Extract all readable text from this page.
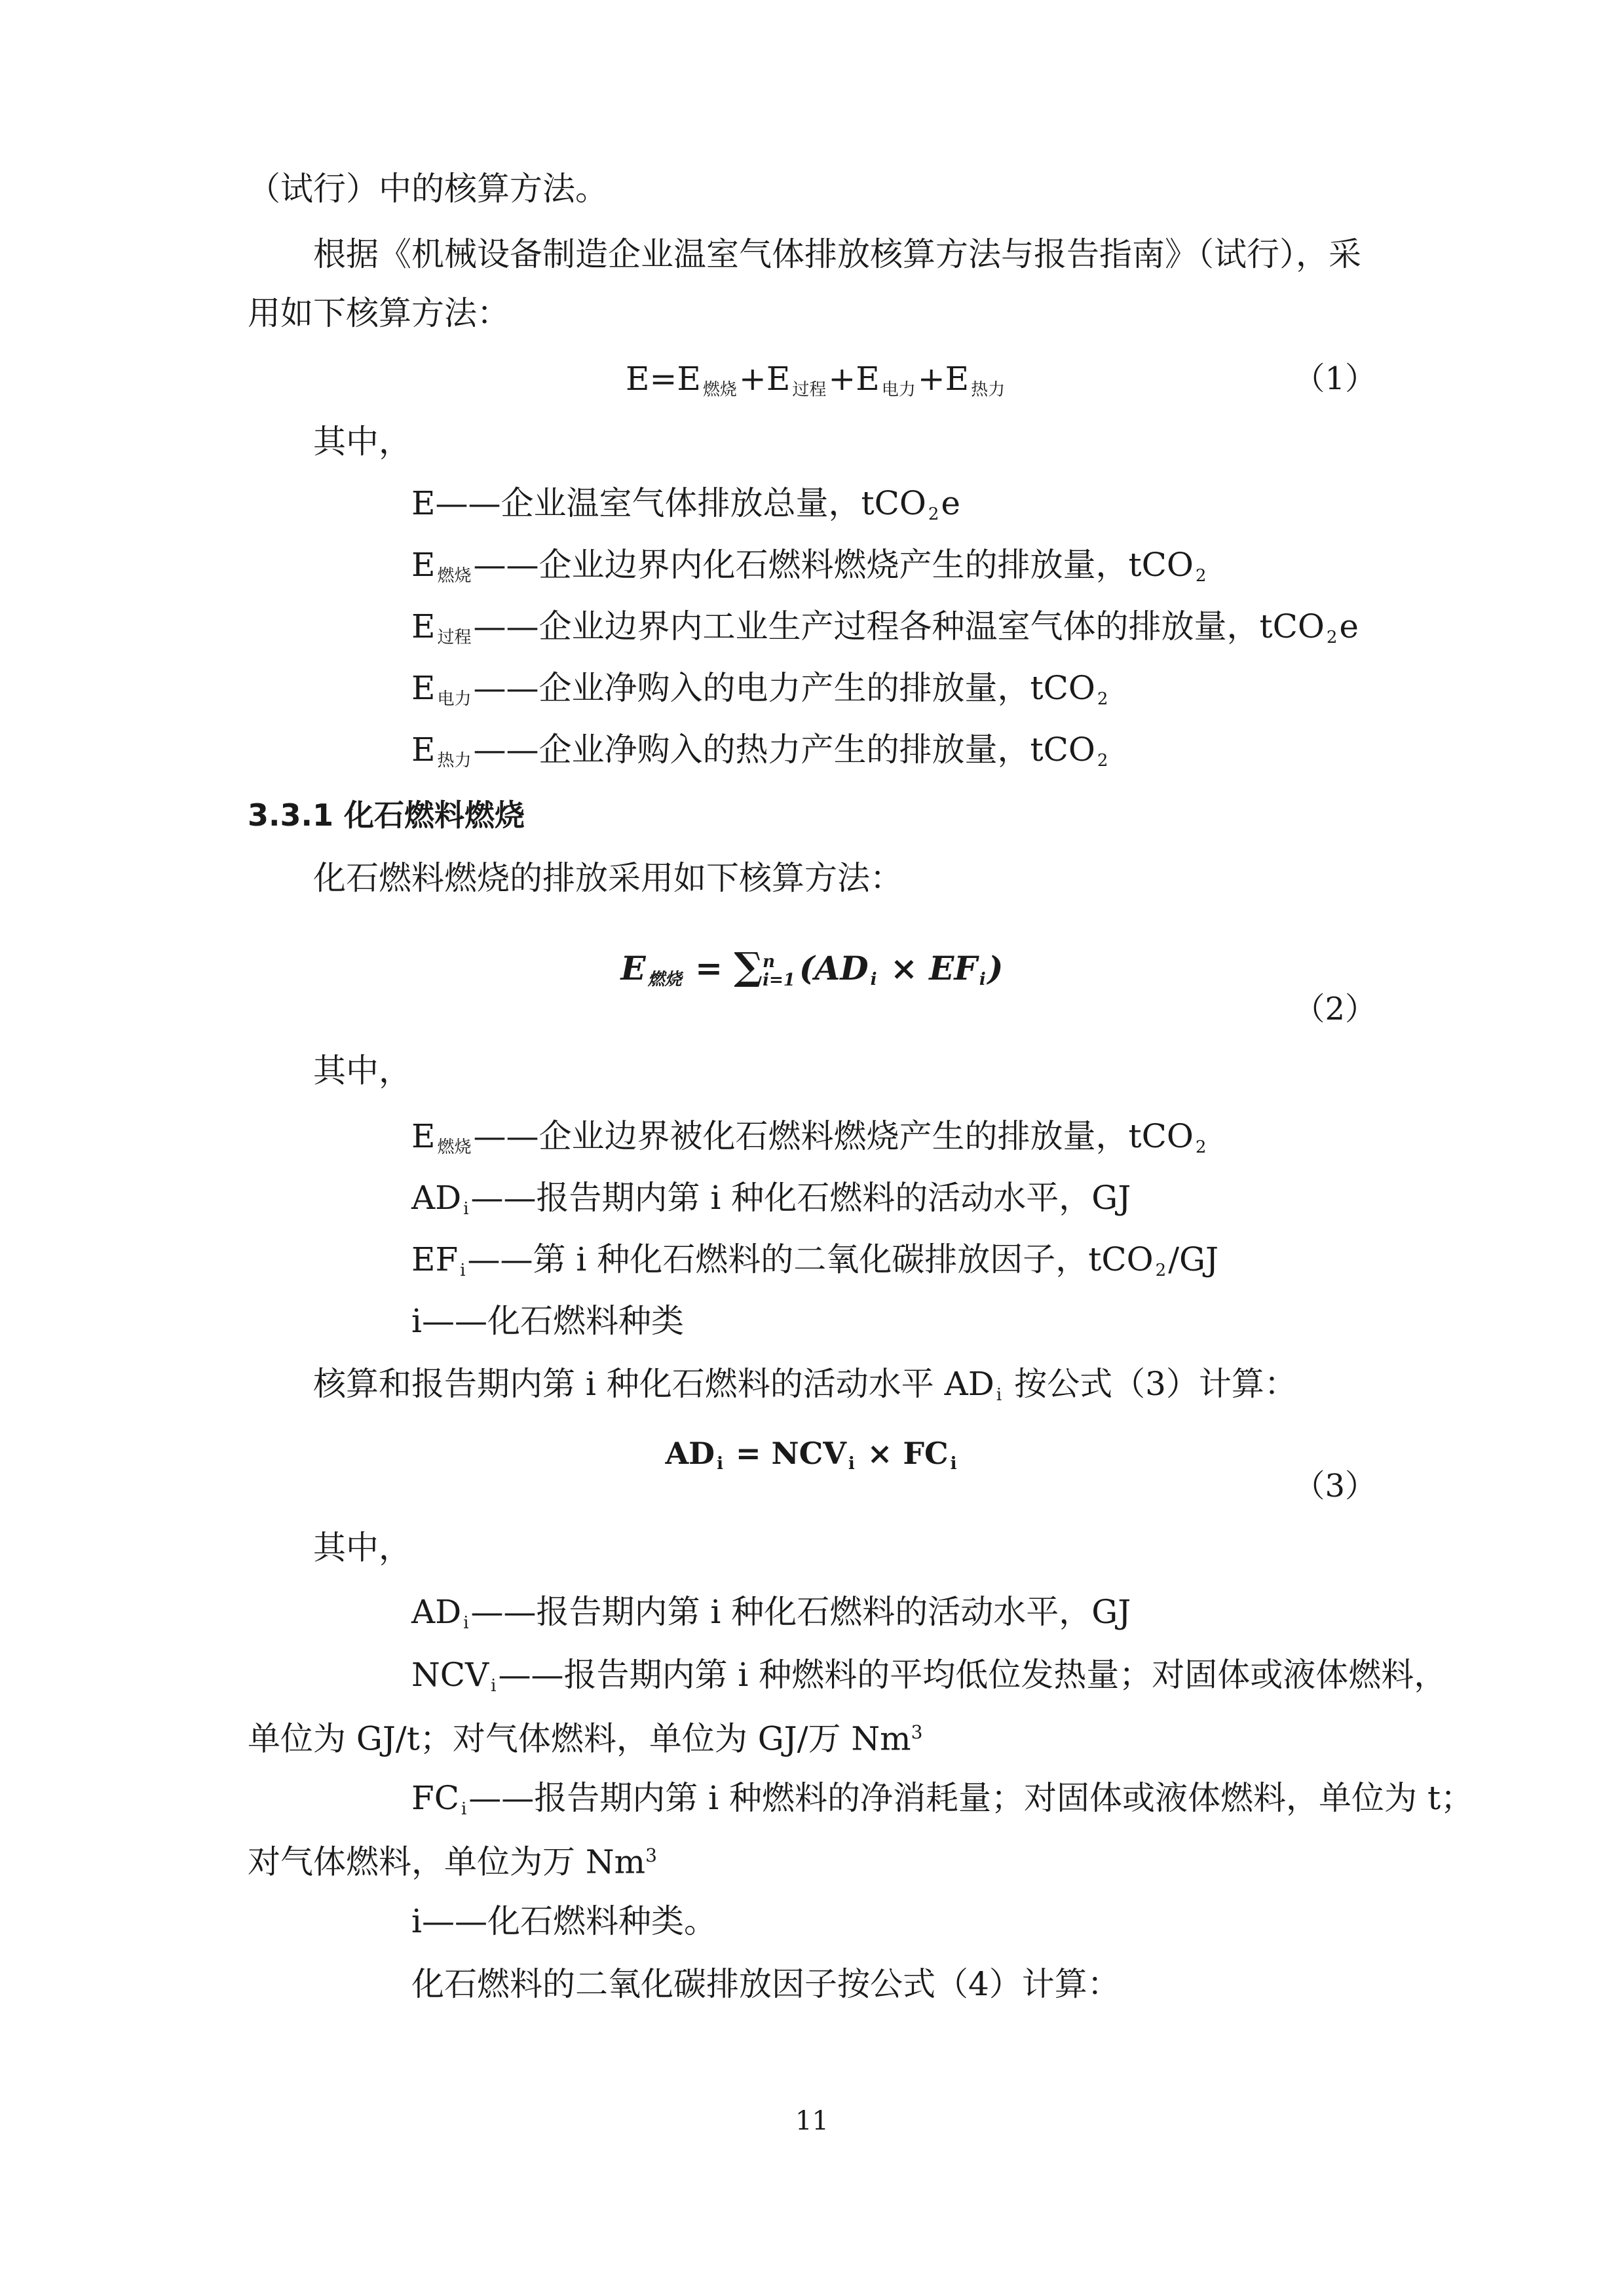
（试行）中的核算方法。
根据《机械设备制造企业温室气体排放核算方法与报告指南》（试行），采
用如下核算方法：
E=E 燃烧+E 过程+E 电力+E 热力	（1）
其中，
E——企业温室气体排放总量，tCO 2e
E燃烧——企业边界内化石燃料燃烧产生的排放量，tCO 2
E过程——企业边界内工业生产过程各种温室气体的排放量，tCO 2e
E电力——企业净购入的电力产生的排放量，tCO 2
E热力——企业净购入的热力产生的排放量，tCO 2
3.3.1 化石燃料燃烧
化石燃料燃烧的排放采用如下核算方法：
E燃烧 = ∑ n
i=1 (AD i × EF i)
（2）
其中，
E燃烧——企业边界被化石燃料燃烧产生的排放量，tCO 2
AD i——报告期内第 i 种化石燃料的活动水平，GJ
EF i——第 i 种化石燃料的二氧化碳排放因子，tCO 2/GJ
i——化石燃料种类
核算和报告期内第 i 种化石燃料的活动水平 AD i 按公式（3）计算：
AD i = NCV i × FC i
（3）
其中，
AD i——报告期内第 i 种化石燃料的活动水平，GJ
NCV i——报告期内第 i 种燃料的平均低位发热量；对固体或液体燃料，
单位为 GJ/t；对气体燃料，单位为 GJ/万 Nm$^3$
FC i——报告期内第 i 种燃料的净消耗量；对固体或液体燃料，单位为 t；
对气体燃料，单位为万 Nm$^3$
i——化石燃料种类。
化石燃料的二氧化碳排放因子按公式（4）计算：
11
